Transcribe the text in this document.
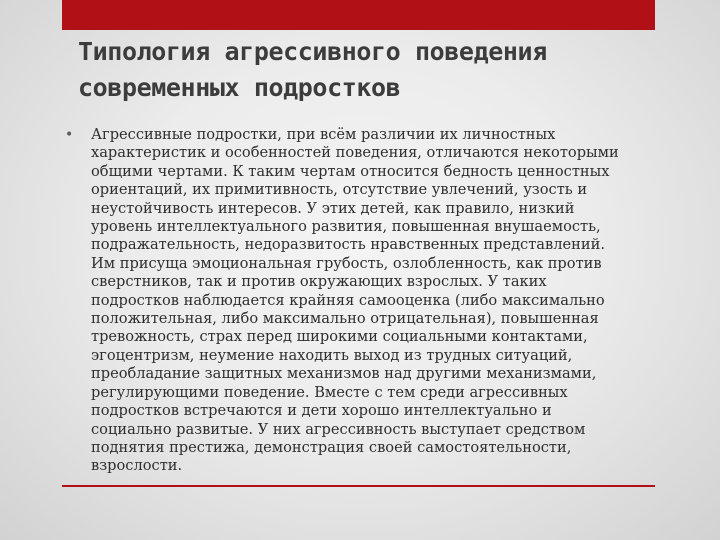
Типология агрессивного поведения
современных подростков
•	Агрессивные подростки, при всём различии их личностных
характеристик и особенностей поведения, отличаются некоторыми
общими чертами. К таким чертам относится бедность ценностных
ориентаций, их примитивность, отсутствие увлечений, узость и
неустойчивость интересов. У этих детей, как правило, низкий
уровень интеллектуального развития, повышенная внушаемость,
подражательность, недоразвитость нравственных представлений.
Им присуща эмоциональная грубость, озлобленность, как против
сверстников, так и против окружающих взрослых. У таких
подростков наблюдается крайняя самооценка (либо максимально
положительная, либо максимально отрицательная), повышенная
тревожность, страх перед широкими социальными контактами,
эгоцентризм, неумение находить выход из трудных ситуаций,
преобладание защитных механизмов над другими механизмами,
регулирующими поведение. Вместе с тем среди агрессивных
подростков встречаются и дети хорошо интеллектуально и
социально развитые. У них агрессивность выступает средством
поднятия престижа, демонстрация своей самостоятельности,
взрослости.
